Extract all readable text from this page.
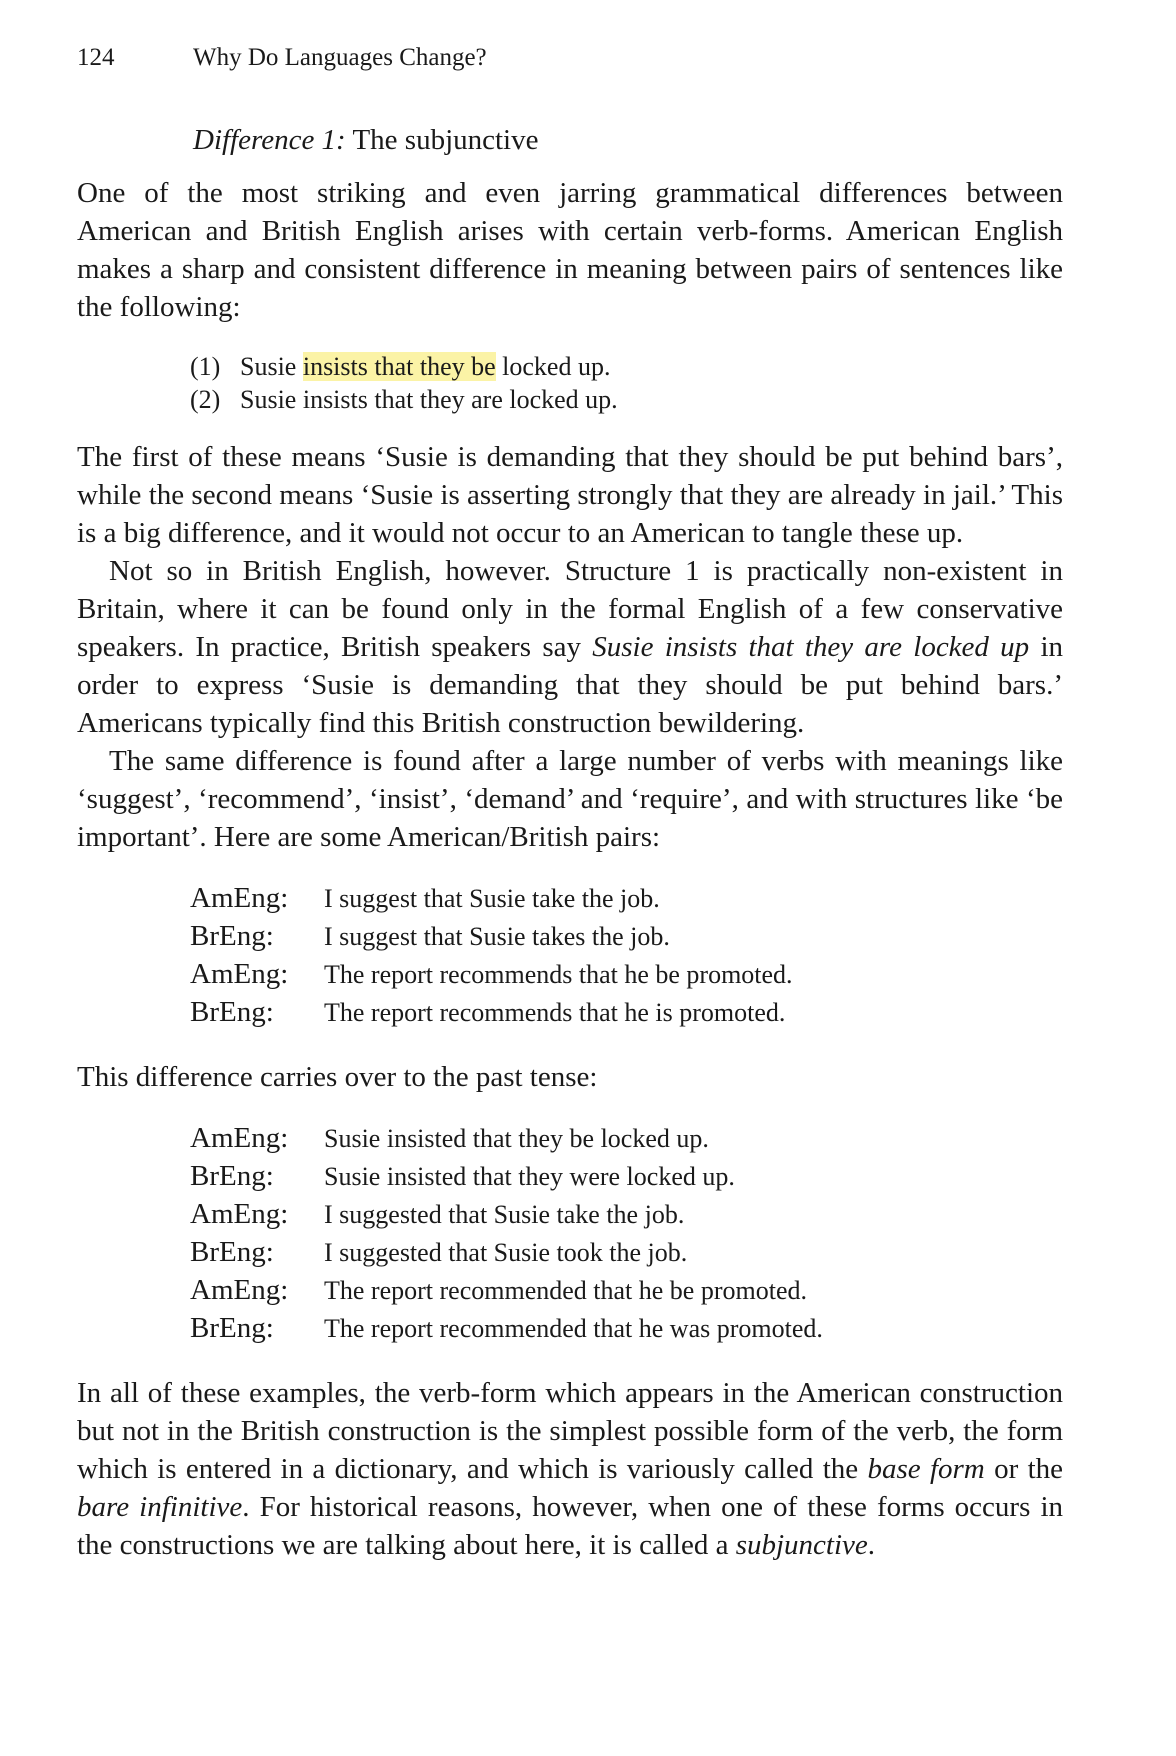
124	Why Do Languages Change?
Difference 1: The subjunctive

One of the most striking and even jarring grammatical differences between American and British English arises with certain verb-forms. American English makes a sharp and consistent difference in meaning between pairs of sentences like the following:

(1) Susie insists that they be locked up.
(2) Susie insists that they are locked up.

The first of these means ‘Susie is demanding that they should be put behind bars’, while the second means ‘Susie is asserting strongly that they are already in jail.’ This is a big difference, and it would not occur to an American to tangle these up.

Not so in British English, however. Structure 1 is practically non-existent in Britain, where it can be found only in the formal English of a few conservative speakers. In practice, British speakers say Susie insists that they are locked up in order to express ‘Susie is demanding that they should be put behind bars.’ Americans typically find this British construction bewildering.

The same difference is found after a large number of verbs with meanings like ‘suggest’, ‘recommend’, ‘insist’, ‘demand’ and ‘require’, and with structures like ‘be important’. Here are some American/British pairs:

AmEng:	I suggest that Susie take the job.
BrEng:	I suggest that Susie takes the job.
AmEng:	The report recommends that he be promoted.
BrEng:	The report recommends that he is promoted.

This difference carries over to the past tense:

AmEng:	Susie insisted that they be locked up.
BrEng:	Susie insisted that they were locked up.
AmEng:	I suggested that Susie take the job.
BrEng:	I suggested that Susie took the job.
AmEng:	The report recommended that he be promoted.
BrEng:	The report recommended that he was promoted.

In all of these examples, the verb-form which appears in the American construction but not in the British construction is the simplest possible form of the verb, the form which is entered in a dictionary, and which is variously called the base form or the bare infinitive. For historical reasons, however, when one of these forms occurs in the constructions we are talking about here, it is called a subjunctive.
